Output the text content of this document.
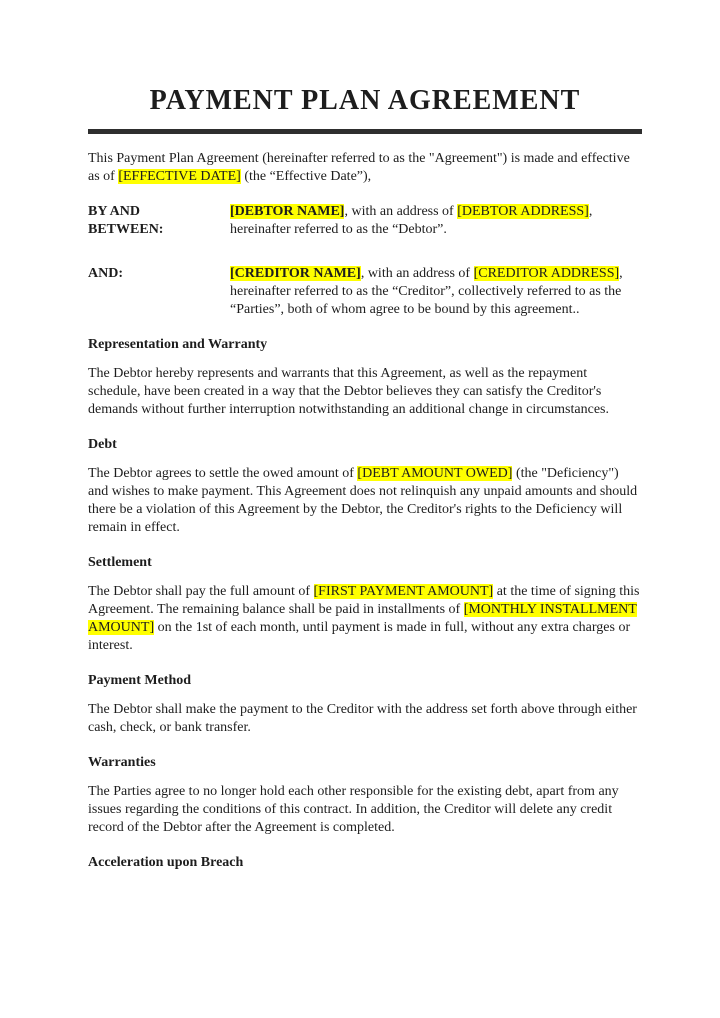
PAYMENT PLAN AGREEMENT

This Payment Plan Agreement (hereinafter referred to as the "Agreement") is made and effective as of [EFFECTIVE DATE] (the “Effective Date”),

BY AND BETWEEN:
[DEBTOR NAME], with an address of [DEBTOR ADDRESS], hereinafter referred to as the “Debtor”.
AND:	[CREDITOR NAME], with an address of [CREDITOR ADDRESS], hereinafter referred to as the “Creditor”, collectively referred to as the “Parties”, both of whom agree to be bound by this agreement..
Representation and Warranty

The Debtor hereby represents and warrants that this Agreement, as well as the repayment schedule, have been created in a way that the Debtor believes they can satisfy the Creditor's demands without further interruption notwithstanding an additional change in circumstances.

Debt

The Debtor agrees to settle the owed amount of [DEBT AMOUNT OWED] (the "Deficiency") and wishes to make payment. This Agreement does not relinquish any unpaid amounts and should there be a violation of this Agreement by the Debtor, the Creditor's rights to the Deficiency will remain in effect.

Settlement

The Debtor shall pay the full amount of [FIRST PAYMENT AMOUNT] at the time of signing this Agreement. The remaining balance shall be paid in installments of [MONTHLY INSTALLMENT AMOUNT] on the 1st of each month, until payment is made in full, without any extra charges or interest.

Payment Method

The Debtor shall make the payment to the Creditor with the address set forth above through either cash, check, or bank transfer.

Warranties

The Parties agree to no longer hold each other responsible for the existing debt, apart from any issues regarding the conditions of this contract. In addition, the Creditor will delete any credit record of the Debtor after the Agreement is completed.

Acceleration upon Breach
